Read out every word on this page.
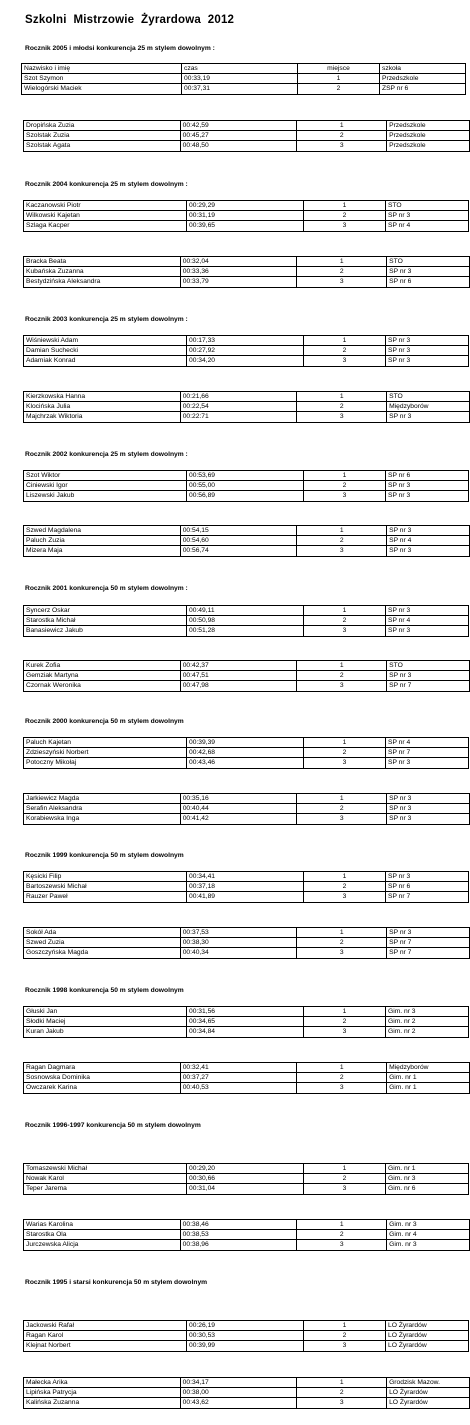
Szkolni  Mistrzowie  Żyrardowa  2012
Rocznik 2005 i młodsi konkurencja 25 m stylem dowolnym :
Nazwisko i imię	czas	miejsce	szkoła
Szot Szymon	00:33,19	1	Przedszkole
Wielogórski Maciek	00:37,31	2	ZSP nr 6
Dropińska Zuzia	00:42,59	1	Przedszkole
Szolstak Zuzia	00:45,27	2	Przedszkole
Szolstak Agata	00:48,50	3	Przedszkole
Rocznik 2004 konkurencja 25 m stylem dowolnym :
Kaczanowski Piotr	00:29,29	1	STO
Wilkowski Kajetan	00:31,19	2	SP nr 3
Szlaga Kacper	00:39,65	3	SP nr 4
Bracka Beata	00:32,04	1	STO
Kubańska Zuzanna	00:33,36	2	SP nr 3
Bestydzińska Aleksandra	00:33,79	3	SP nr 6
Rocznik 2003 konkurencja 25 m stylem dowolnym :
Wiśniewski Adam	00:17,33	1	SP nr 3
Damian Suchecki	00:27,92	2	SP nr 3
Adamiak Konrad	00:34,20	3	SP nr 3
Kierzkowska Hanna	00:21,66	1	STO
Klocińska Julia	00:22,54	2	Międzyborów
Majchrzak Wiktoria	00:22:71	3	SP nr 3
Rocznik 2002 konkurencja 25 m stylem dowolnym :
Szot Wiktor	00:53,69	1	SP nr 6
Ciniewski Igor	00:55,00	2	SP nr 3
Liszewski Jakub	00:56,89	3	SP nr 3
Szwed Magdalena	00:54,15	1	SP nr 3
Paluch Zuzia	00:54,60	2	SP nr 4
Mizera Maja	00:56,74	3	SP nr 3
Rocznik 2001 konkurencja 50 m stylem dowolnym :
Syncerz Oskar	00:49,11	1	SP nr 3
Starostka Michał	00:50,98	2	SP nr 4
Banasiewicz Jakub	00:51,28	3	SP nr 3
Kurek Zofia	00:42,37	1	STO
Gemziak Martyna	00:47,51	2	SP nr 3
Czornak Weronika	00:47,98	3	SP nr 7
Rocznik 2000 konkurencja 50 m stylem dowolnym
Paluch Kajetan	00:39,39	1	SP nr 4
Zdzieszyński Norbert	00:42,68	2	SP nr 7
Potoczny Mikołaj	00:43,46	3	SP nr 3
Jarkiewicz Magda	00:35,16	1	SP nr 3
Serafin Aleksandra	00:40,44	2	SP nr 3
Korabiewska Inga	00:41,42	3	SP nr 3
Rocznik 1999 konkurencja 50 m stylem dowolnym
Kęsicki Filip	00:34,41	1	SP nr 3
Bartoszewski Michał	00:37,18	2	SP nr 6
Rauzer Paweł	00:41,89	3	SP nr 7
Sokół Ada	00:37,53	1	SP nr 3
Szwed Zuzia	00:38,30	2	SP nr 7
Goszczyńska Magda	00:40,34	3	SP nr 7
Rocznik 1998 konkurencja 50 m stylem dowolnym
Głuski Jan	00:31,56	1	Gim. nr 3
Słodki Maciej	00:34,65	2	Gim. nr 2
Kuran Jakub	00:34,84	3	Gim. nr 2
Ragan Dagmara	00:32,41	1	Międzyborów
Sosnowska Dominika	00:37,27	2	Gim. nr 1
Owczarek Karina	00:40,53	3	Gim. nr 1
Rocznik 1996-1997 konkurencja 50 m stylem dowolnym
Tomaszewski Michał	00:29,20	1	Gim. nr 1
Nowak Karol	00:30,66	2	Gim. nr 3
Teper Jarema	00:31,04	3	Gim. nr 6
Warias Karolina	00:38,46	1	Gim. nr 3
Starostka Ola	00:38,53	2	Gim. nr 4
Jurczewska Alicja	00:38,96	3	Gim. nr 3
Rocznik 1995 i starsi konkurencja 50 m stylem dowolnym
Jackowski Rafał	00:26,19	1	LO Żyrardów
Ragan Karol	00:30,53	2	LO Żyrardów
Klejnat Norbert	00:39,99	3	LO Żyrardów
Małecka Arika	00:34,17	1	Grodzisk Mazow.
Lipińska Patrycja	00:38,00	2	LO Żyrardów
Kalińska Zuzanna	00:43,62	3	LO Żyrardów
